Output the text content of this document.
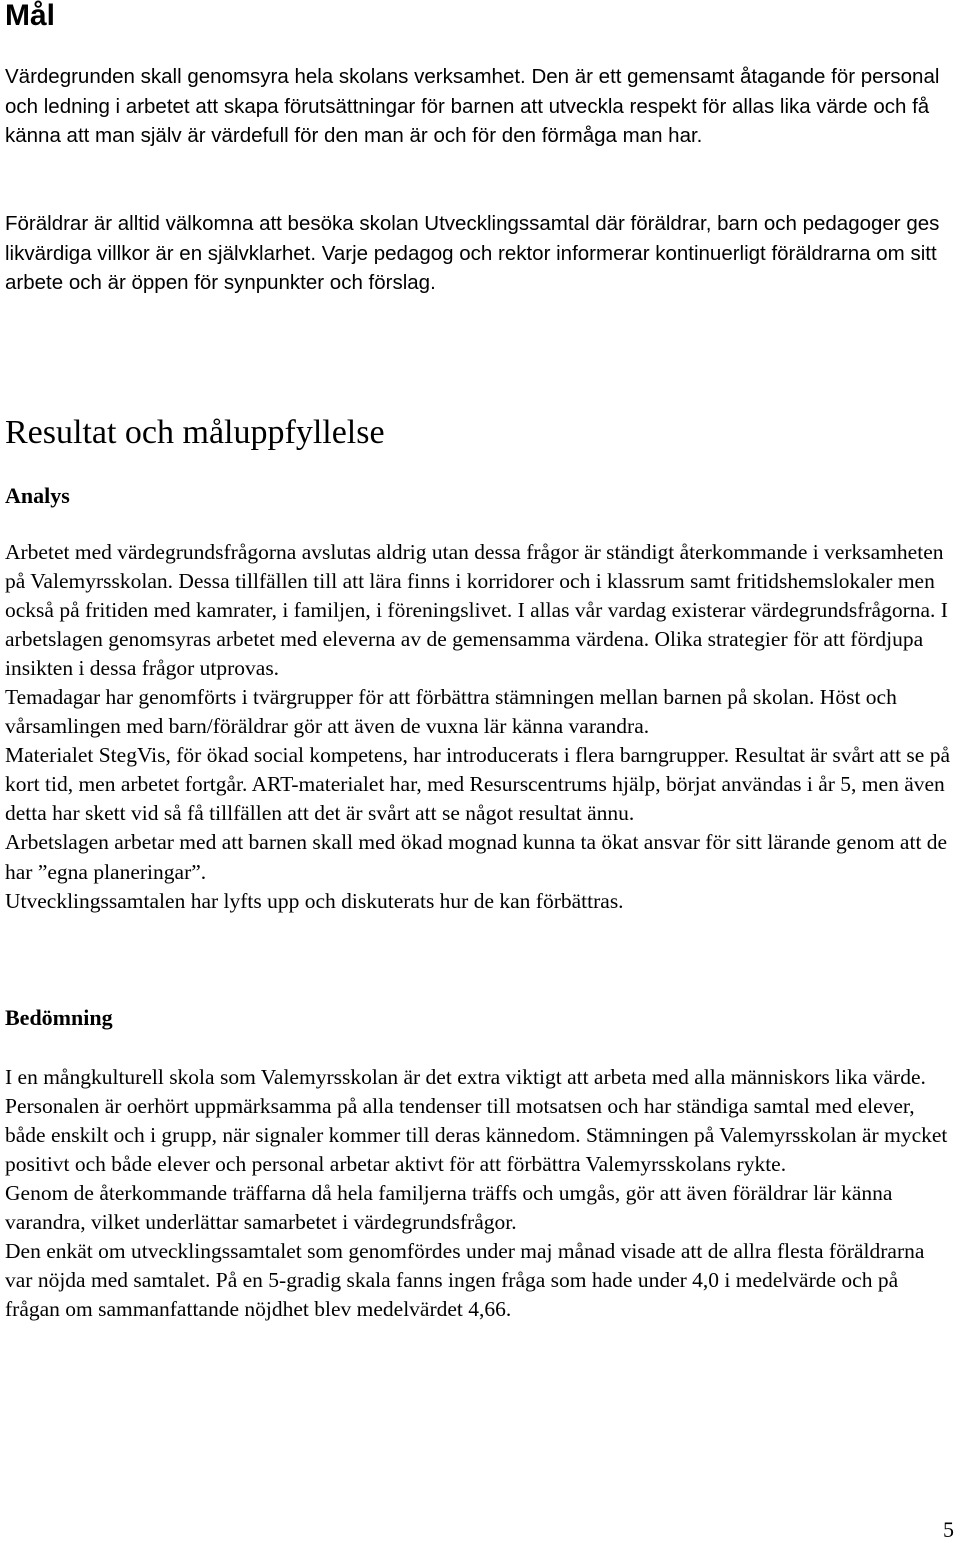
Mål

Värdegrunden skall genomsyra hela skolans verksamhet. Den är ett gemensamt åtagande för personal och ledning i arbetet att skapa förutsättningar för barnen att utveckla respekt för allas lika värde och få känna att man själv är värdefull för den man är och för den förmåga man har.

Föräldrar är alltid välkomna att besöka skolan Utvecklingssamtal där föräldrar, barn och pedagoger ges likvärdiga villkor är en självklarhet. Varje pedagog och rektor informerar kontinuerligt föräldrarna om sitt arbete och är öppen för synpunkter och förslag.

Resultat och måluppfyllelse
Analys
Arbetet med värdegrundsfrågorna avslutas aldrig utan dessa frågor är ständigt återkommande i verksamheten på Valemyrsskolan. Dessa tillfällen till att lära finns i korridorer och i klassrum samt fritidshemslokaler men också på fritiden med kamrater, i familjen, i föreningslivet. I allas vår vardag existerar värdegrundsfrågorna. I arbetslagen genomsyras arbetet med eleverna av de gemensamma värdena. Olika strategier för att fördjupa insikten i dessa frågor utprovas.
Temadagar har genomförts i tvärgrupper för att förbättra stämningen mellan barnen på skolan. Höst och vårsamlingen med barn/föräldrar gör att även de vuxna lär känna varandra.
Materialet StegVis, för ökad social kompetens, har introducerats i flera barngrupper. Resultat är svårt att se på kort tid, men arbetet fortgår. ART-materialet har, med Resurscentrums hjälp, börjat användas i år 5, men även detta har skett vid så få tillfällen att det är svårt att se något resultat ännu.
Arbetslagen arbetar med att barnen skall med ökad mognad kunna ta ökat ansvar för sitt lärande genom att de har ”egna planeringar”.
Utvecklingssamtalen har lyfts upp och diskuterats hur de kan förbättras.
Bedömning
I en mångkulturell skola som Valemyrsskolan är det extra viktigt att arbeta med alla människors lika värde. Personalen är oerhört uppmärksamma på alla tendenser till motsatsen och har ständiga samtal med elever, både enskilt och i grupp, när signaler kommer till deras kännedom. Stämningen på Valemyrsskolan är mycket positivt och både elever och personal arbetar aktivt för att förbättra Valemyrsskolans rykte.
Genom de återkommande träffarna då hela familjerna träffs och umgås, gör att även föräldrar lär känna varandra, vilket underlättar samarbetet i värdegrundsfrågor.
Den enkät om utvecklingssamtalet som genomfördes under maj månad visade att de allra flesta föräldrarna var nöjda med samtalet. På en 5-gradig skala fanns ingen fråga som hade under 4,0 i medelvärde och på frågan om sammanfattande nöjdhet blev medelvärdet 4,66.
5
